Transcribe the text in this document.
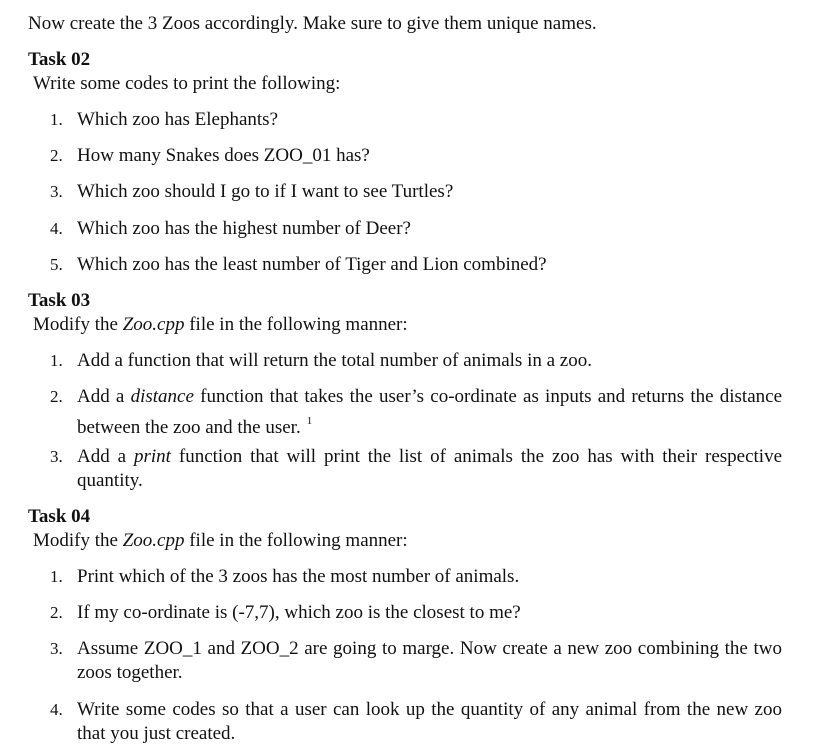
Now create the 3 Zoos accordingly. Make sure to give them unique names.

Task 02

Write some codes to print the following:

1. Which zoo has Elephants?
2. How many Snakes does ZOO_01 has?
3. Which zoo should I go to if I want to see Turtles?
4. Which zoo has the highest number of Deer?
5. Which zoo has the least number of Tiger and Lion combined?
Task 03

Modify the Zoo.cpp file in the following manner:

1. Add a function that will return the total number of animals in a zoo.
2. Add a distance function that takes the user’s co-ordinate as inputs and returns the distance between the zoo and the user. $^1$
3. Add a print function that will print the list of animals the zoo has with their respective quantity.
Task 04

Modify the Zoo.cpp file in the following manner:

1. Print which of the 3 zoos has the most number of animals.
2. If my co-ordinate is (-7,7), which zoo is the closest to me?
3. Assume ZOO_1 and ZOO_2 are going to marge. Now create a new zoo combining the two zoos together.
4. Write some codes so that a user can look up the quantity of any animal from the new zoo that you just created.
